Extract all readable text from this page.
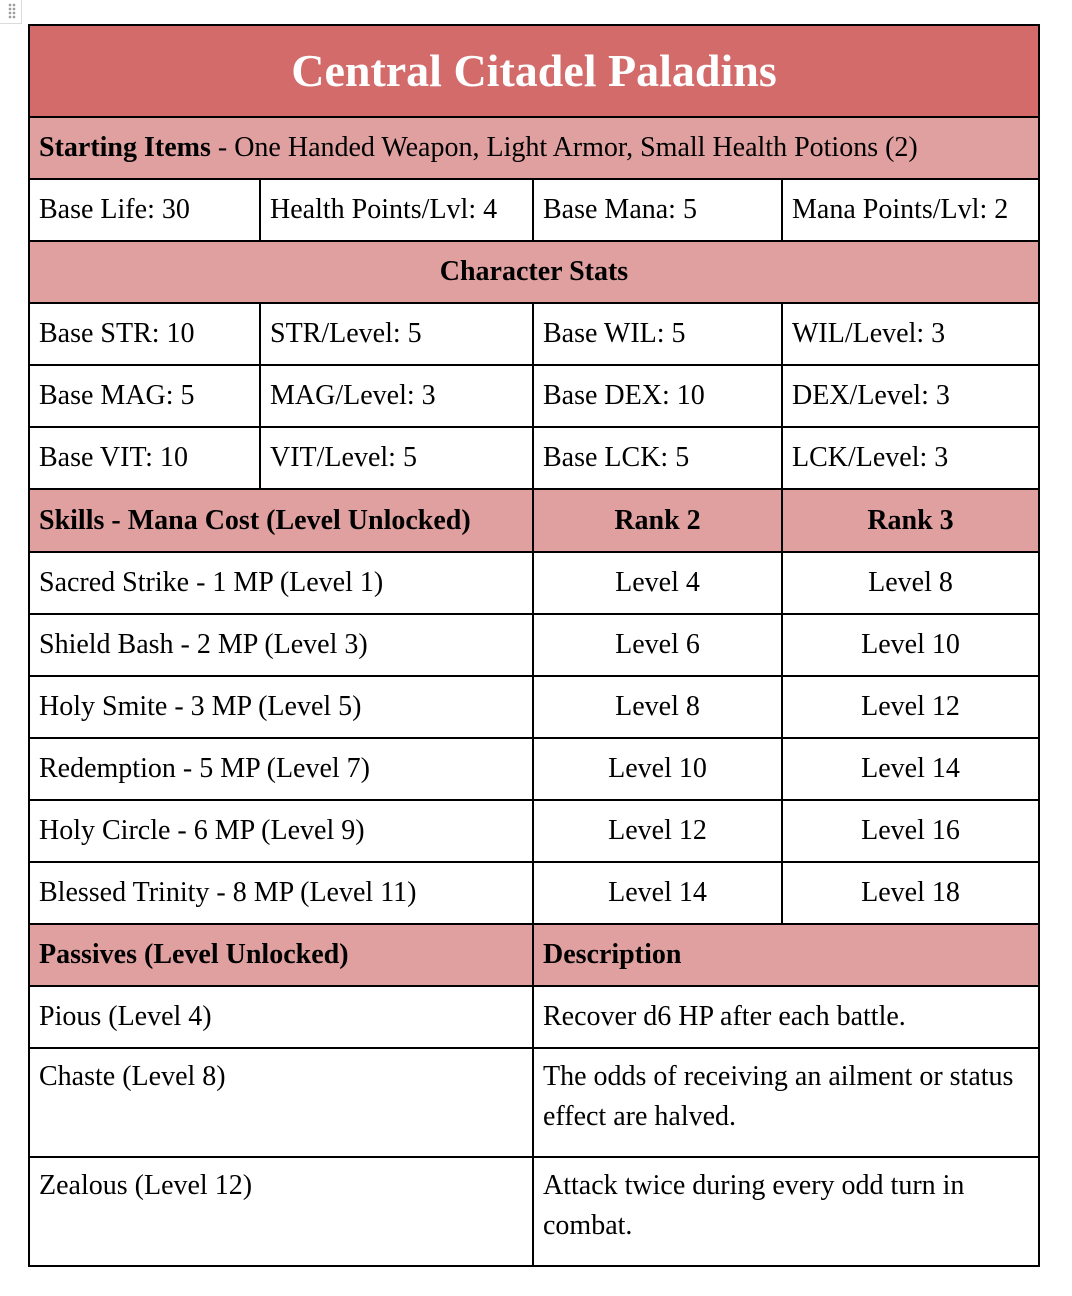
Central Citadel Paladins			
Starting Items - One Handed Weapon, Light Armor, Small Health Potions (2)			
Base Life: 30	Health Points/Lvl: 4	Base Mana: 5	Mana Points/Lvl: 2
Character Stats			
Base STR: 10	STR/Level: 5	Base WIL: 5	WIL/Level: 3
Base MAG: 5	MAG/Level: 3	Base DEX: 10	DEX/Level: 3
Base VIT: 10	VIT/Level: 5	Base LCK: 5	LCK/Level: 3
Skills - Mana Cost (Level Unlocked)		Rank 2	Rank 3
Sacred Strike - 1 MP (Level 1)		Level 4	Level 8
Shield Bash - 2 MP (Level 3)		Level 6	Level 10
Holy Smite - 3 MP (Level 5)		Level 8	Level 12
Redemption - 5 MP (Level 7)		Level 10	Level 14
Holy Circle - 6 MP (Level 9)		Level 12	Level 16
Blessed Trinity - 8 MP (Level 11)		Level 14	Level 18
Passives (Level Unlocked)		Description	
Pious (Level 4)		Recover d6 HP after each battle.	
Chaste (Level 8)		The odds of receiving an ailment or status effect are halved.	
Zealous (Level 12)		Attack twice during every odd turn in combat.	
